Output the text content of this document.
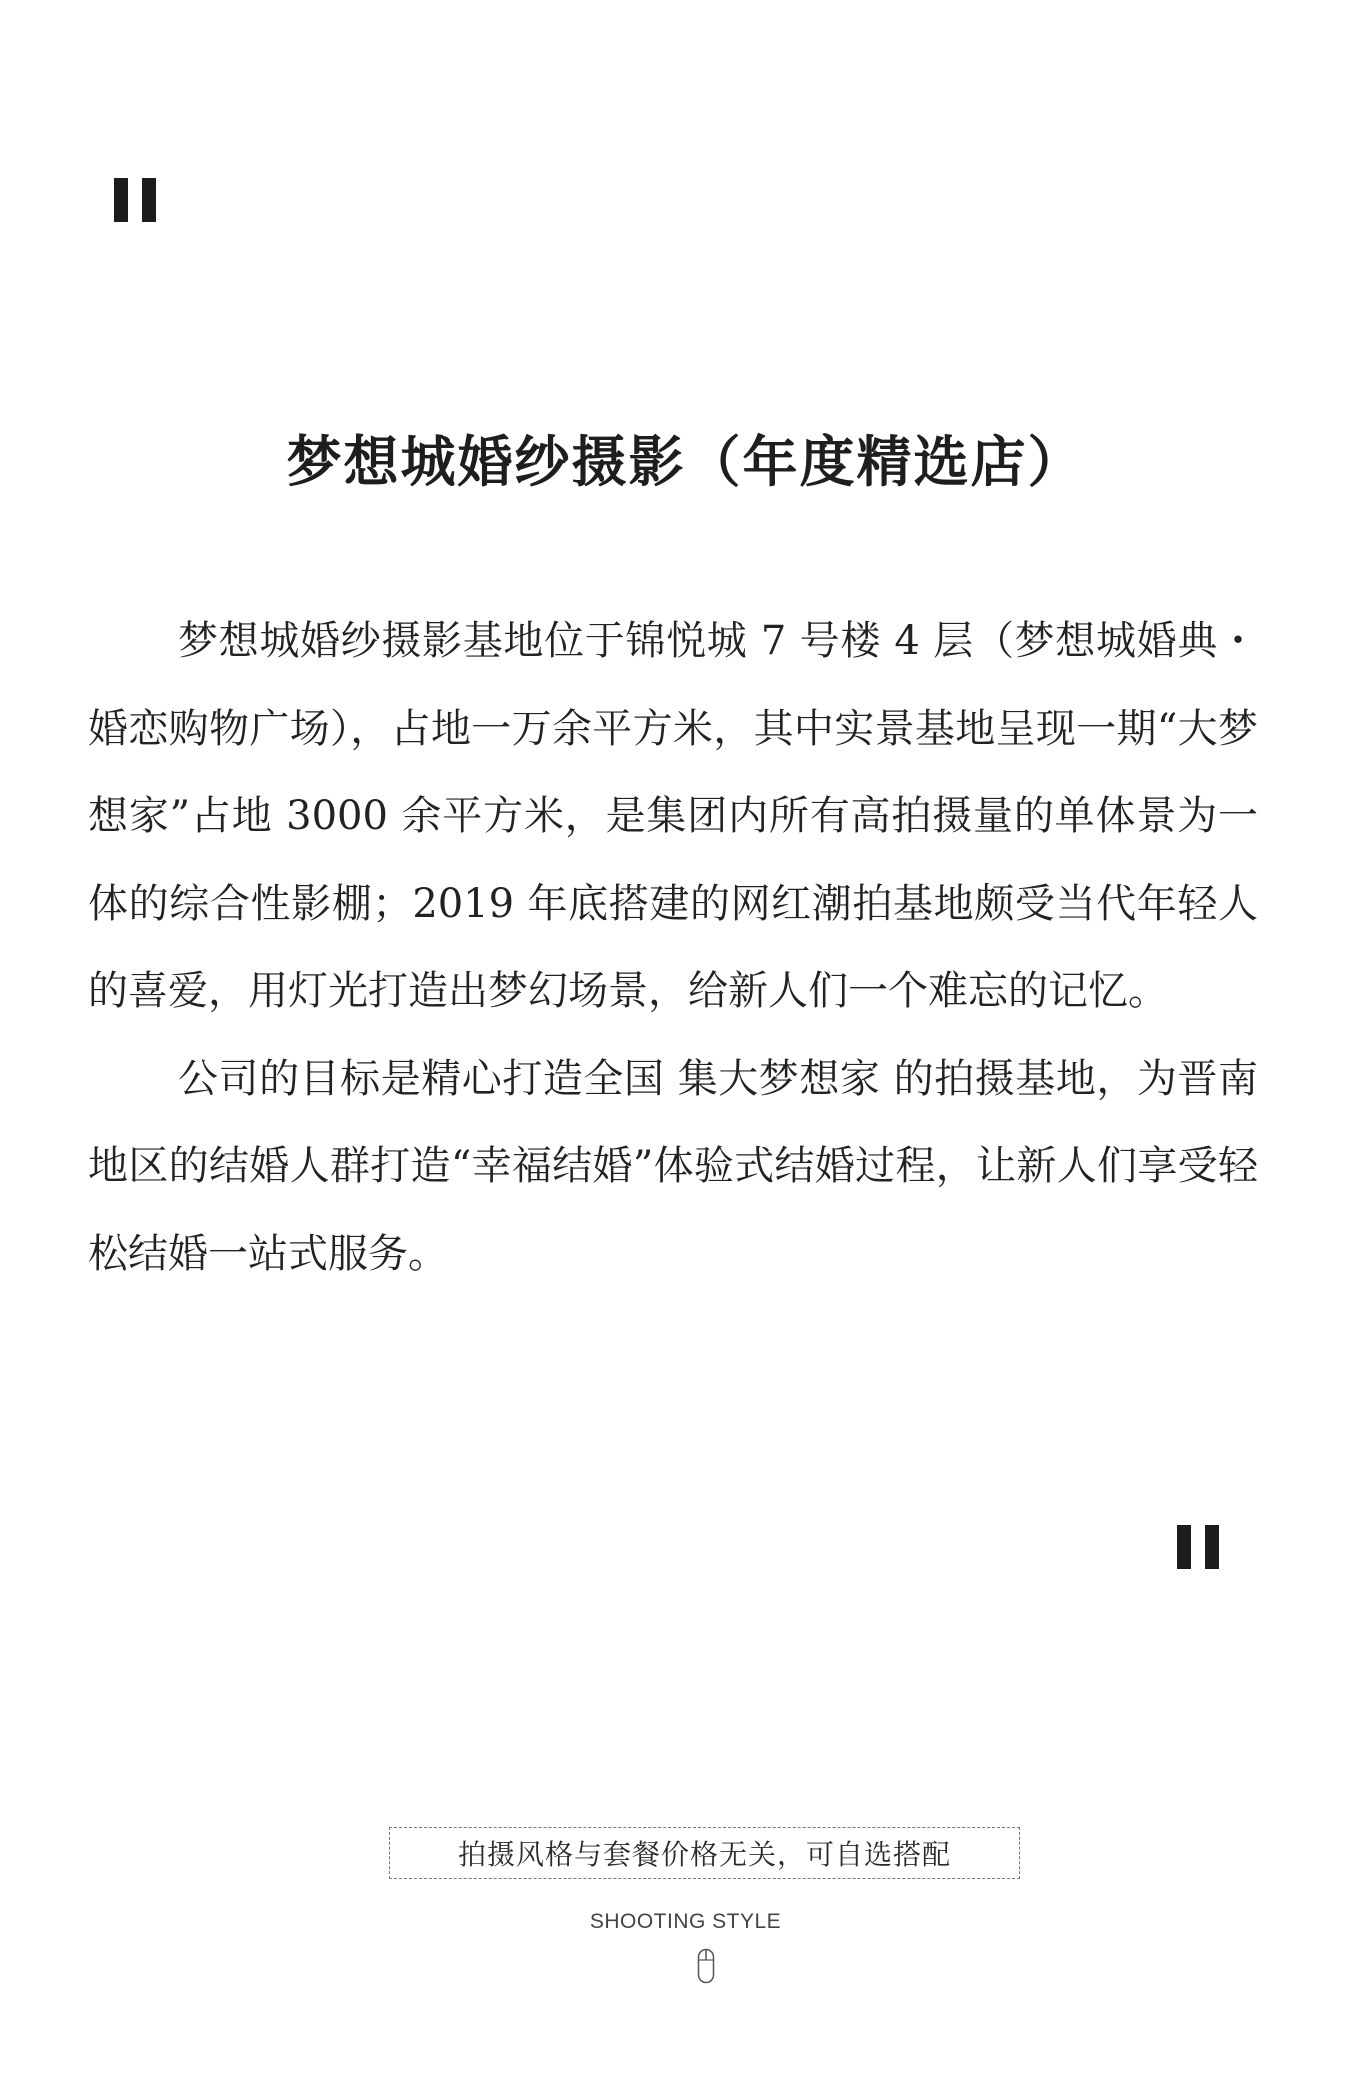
梦想城婚纱摄影（年度精选店）

梦想城婚纱摄影基地位于锦悦城 7 号楼 4 层（梦想城婚典・婚恋购物广场），占地一万余平方米，其中实景基地呈现一期“大梦想家”占地 3000 余平方米，是集团内所有高拍摄量的单体景为一体的综合性影棚；2019 年底搭建的网红潮拍基地颇受当代年轻人的喜爱，用灯光打造出梦幻场景，给新人们一个难忘的记忆。

公司的目标是精心打造全国 集大梦想家 的拍摄基地，为晋南地区的结婚人群打造“幸福结婚”体验式结婚过程，让新人们享受轻松结婚一站式服务。

拍摄风格与套餐价格无关，可自选搭配
SHOOTING STYLE
